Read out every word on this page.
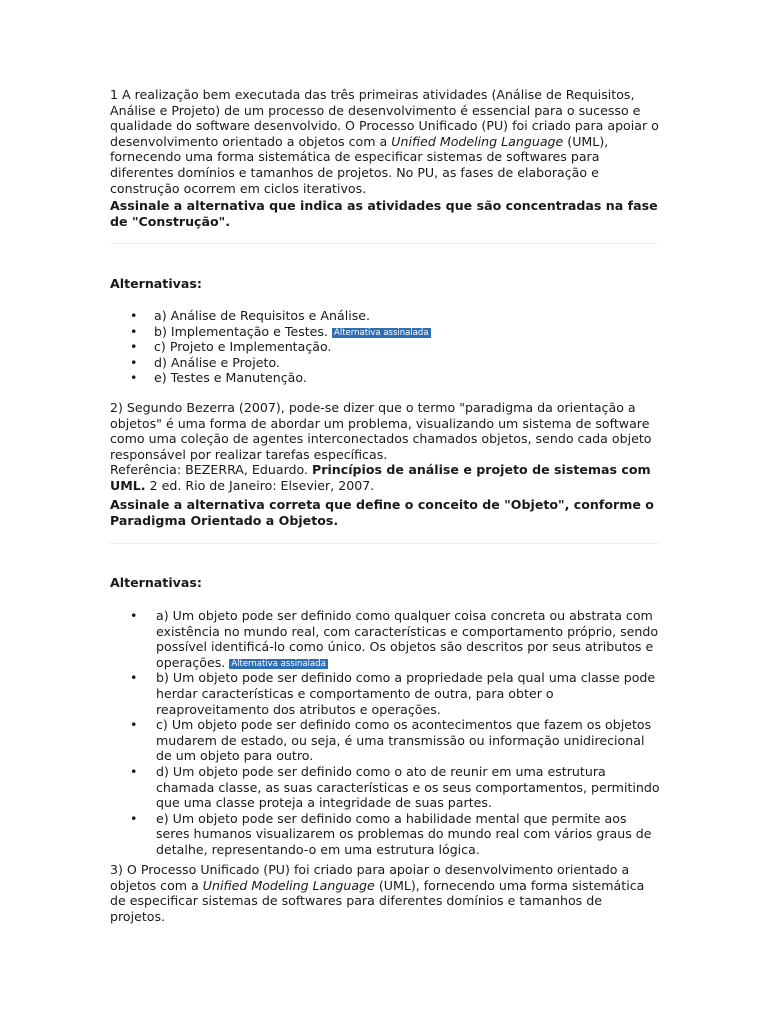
1 A realização bem executada das três primeiras atividades (Análise de Requisitos, Análise e Projeto) de um processo de desenvolvimento é essencial para o sucesso e qualidade do software desenvolvido. O Processo Unificado (PU) foi criado para apoiar o desenvolvimento orientado a objetos com a Unified Modeling Language (UML), fornecendo uma forma sistemática de especificar sistemas de softwares para diferentes domínios e tamanhos de projetos. No PU, as fases de elaboração e construção ocorrem em ciclos iterativos.

Assinale a alternativa que indica as atividades que são concentradas na fase de "Construção".

Alternativas:

• a) Análise de Requisitos e Análise.
• b) Implementação e Testes. Alternativa assinalada
• c) Projeto e Implementação.
• d) Análise e Projeto.
• e) Testes e Manutenção.

2) Segundo Bezerra (2007), pode-se dizer que o termo "paradigma da orientação a objetos" é uma forma de abordar um problema, visualizando um sistema de software como uma coleção de agentes interconectados chamados objetos, sendo cada objeto responsável por realizar tarefas específicas.

Referência: BEZERRA, Eduardo. Princípios de análise e projeto de sistemas com UML. 2 ed. Rio de Janeiro: Elsevier, 2007.

Assinale a alternativa correta que define o conceito de "Objeto", conforme o Paradigma Orientado a Objetos.

Alternativas:

• a) Um objeto pode ser definido como qualquer coisa concreta ou abstrata com existência no mundo real, com características e comportamento próprio, sendo possível identificá-lo como único. Os objetos são descritos por seus atributos e operações. Alternativa assinalada
• b) Um objeto pode ser definido como a propriedade pela qual uma classe pode herdar características e comportamento de outra, para obter o reaproveitamento dos atributos e operações.
• c) Um objeto pode ser definido como os acontecimentos que fazem os objetos mudarem de estado, ou seja, é uma transmissão ou informação unidirecional de um objeto para outro.
• d) Um objeto pode ser definido como o ato de reunir em uma estrutura chamada classe, as suas características e os seus comportamentos, permitindo que uma classe proteja a integridade de suas partes.
• e) Um objeto pode ser definido como a habilidade mental que permite aos seres humanos visualizarem os problemas do mundo real com vários graus de detalhe, representando-o em uma estrutura lógica.

3) O Processo Unificado (PU) foi criado para apoiar o desenvolvimento orientado a objetos com a Unified Modeling Language (UML), fornecendo uma forma sistemática de especificar sistemas de softwares para diferentes domínios e tamanhos de projetos.
